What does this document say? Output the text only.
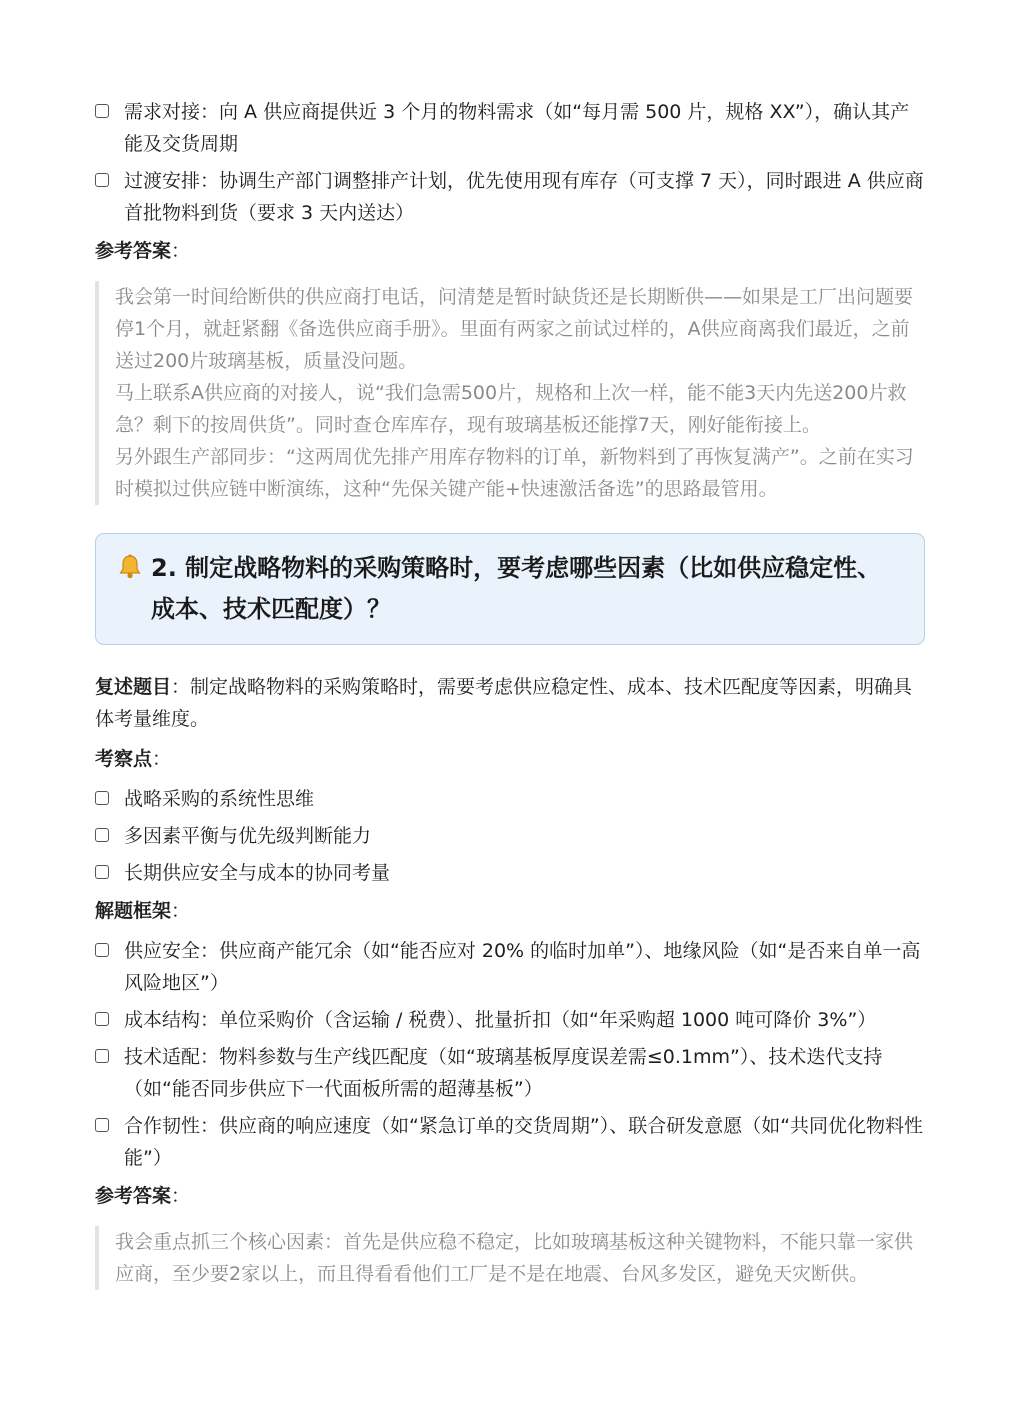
需求对接：向 A 供应商提供近 3 个月的物料需求（如“每月需 500 片，规格 XX”），确认其产能及交货周期
过渡安排：协调生产部门调整排产计划，优先使用现有库存（可支撑 7 天），同时跟进 A 供应商首批物料到货（要求 3 天内送达）
参考答案：

我会第一时间给断供的供应商打电话，问清楚是暂时缺货还是长期断供——如果是工厂出问题要停1个月，就赶紧翻《备选供应商手册》。里面有两家之前试过样的，A供应商离我们最近，之前送过200片玻璃基板，质量没问题。

马上联系A供应商的对接人，说“我们急需500片，规格和上次一样，能不能3天内先送200片救急？剩下的按周供货”。同时查仓库库存，现有玻璃基板还能撑7天，刚好能衔接上。

另外跟生产部同步：“这两周优先排产用库存物料的订单，新物料到了再恢复满产”。之前在实习时模拟过供应链中断演练，这种“先保关键产能+快速激活备选”的思路最管用。

2. 制定战略物料的采购策略时，要考虑哪些因素（比如供应稳定性、成本、技术匹配度）？
复述题目：制定战略物料的采购策略时，需要考虑供应稳定性、成本、技术匹配度等因素，明确具体考量维度。
考察点：
战略采购的系统性思维
多因素平衡与优先级判断能力
长期供应安全与成本的协同考量
解题框架：
供应安全：供应商产能冗余（如“能否应对 20% 的临时加单”）、地缘风险（如“是否来自单一高风险地区”）
成本结构：单位采购价（含运输 / 税费）、批量折扣（如“年采购超 1000 吨可降价 3%”）
技术适配：物料参数与生产线匹配度（如“玻璃基板厚度误差需≤0.1mm”）、技术迭代支持（如“能否同步供应下一代面板所需的超薄基板”）
合作韧性：供应商的响应速度（如“紧急订单的交货周期”）、联合研发意愿（如“共同优化物料性能”）
参考答案：

我会重点抓三个核心因素：首先是供应稳不稳定，比如玻璃基板这种关键物料，不能只靠一家供应商，至少要2家以上，而且得看看他们工厂是不是在地震、台风多发区，避免天灾断供。
